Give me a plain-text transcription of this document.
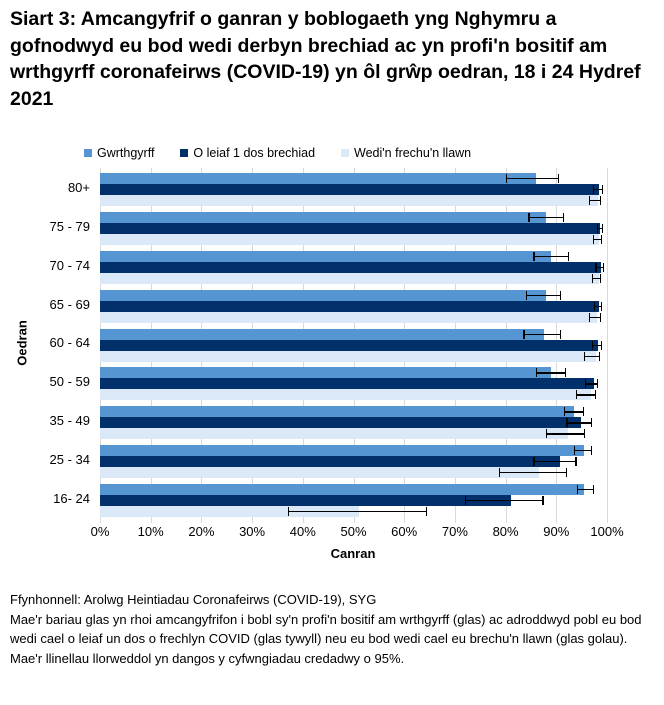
Siart 3: Amcangyfrif o ganran y boblogaeth yng Nghymru a gofnodwyd eu bod wedi derbyn brechiad ac yn profi'n bositif am wrthgyrff coronafeirws (COVID-19) yn ôl grŵp oedran, 18 i 24 Hydref 2021
Gwrthgyrff	O leiaf 1 dos brechiad	Wedi'n frechu'n llawn
80+
75 - 79
70 - 74
65 - 69
60 - 64
50 - 59
35 - 49
25 - 34
16- 24
Oedran
0% 10% 20% 30% 40% 50% 60% 70% 80% 90% 100%
Canran

Ffynhonnell: Arolwg Heintiadau Coronafeirws (COVID-19), SYG

Mae'r bariau glas yn rhoi amcangyfrifon i bobl sy'n profi'n bositif am wrthgyrff (glas) ac adroddwyd pobl eu bod wedi cael o leiaf un dos o frechlyn COVID (glas tywyll) neu eu bod wedi cael eu brechu'n llawn (glas golau). Mae'r llinellau llorweddol yn dangos y cyfwngiadau credadwy o 95%.
